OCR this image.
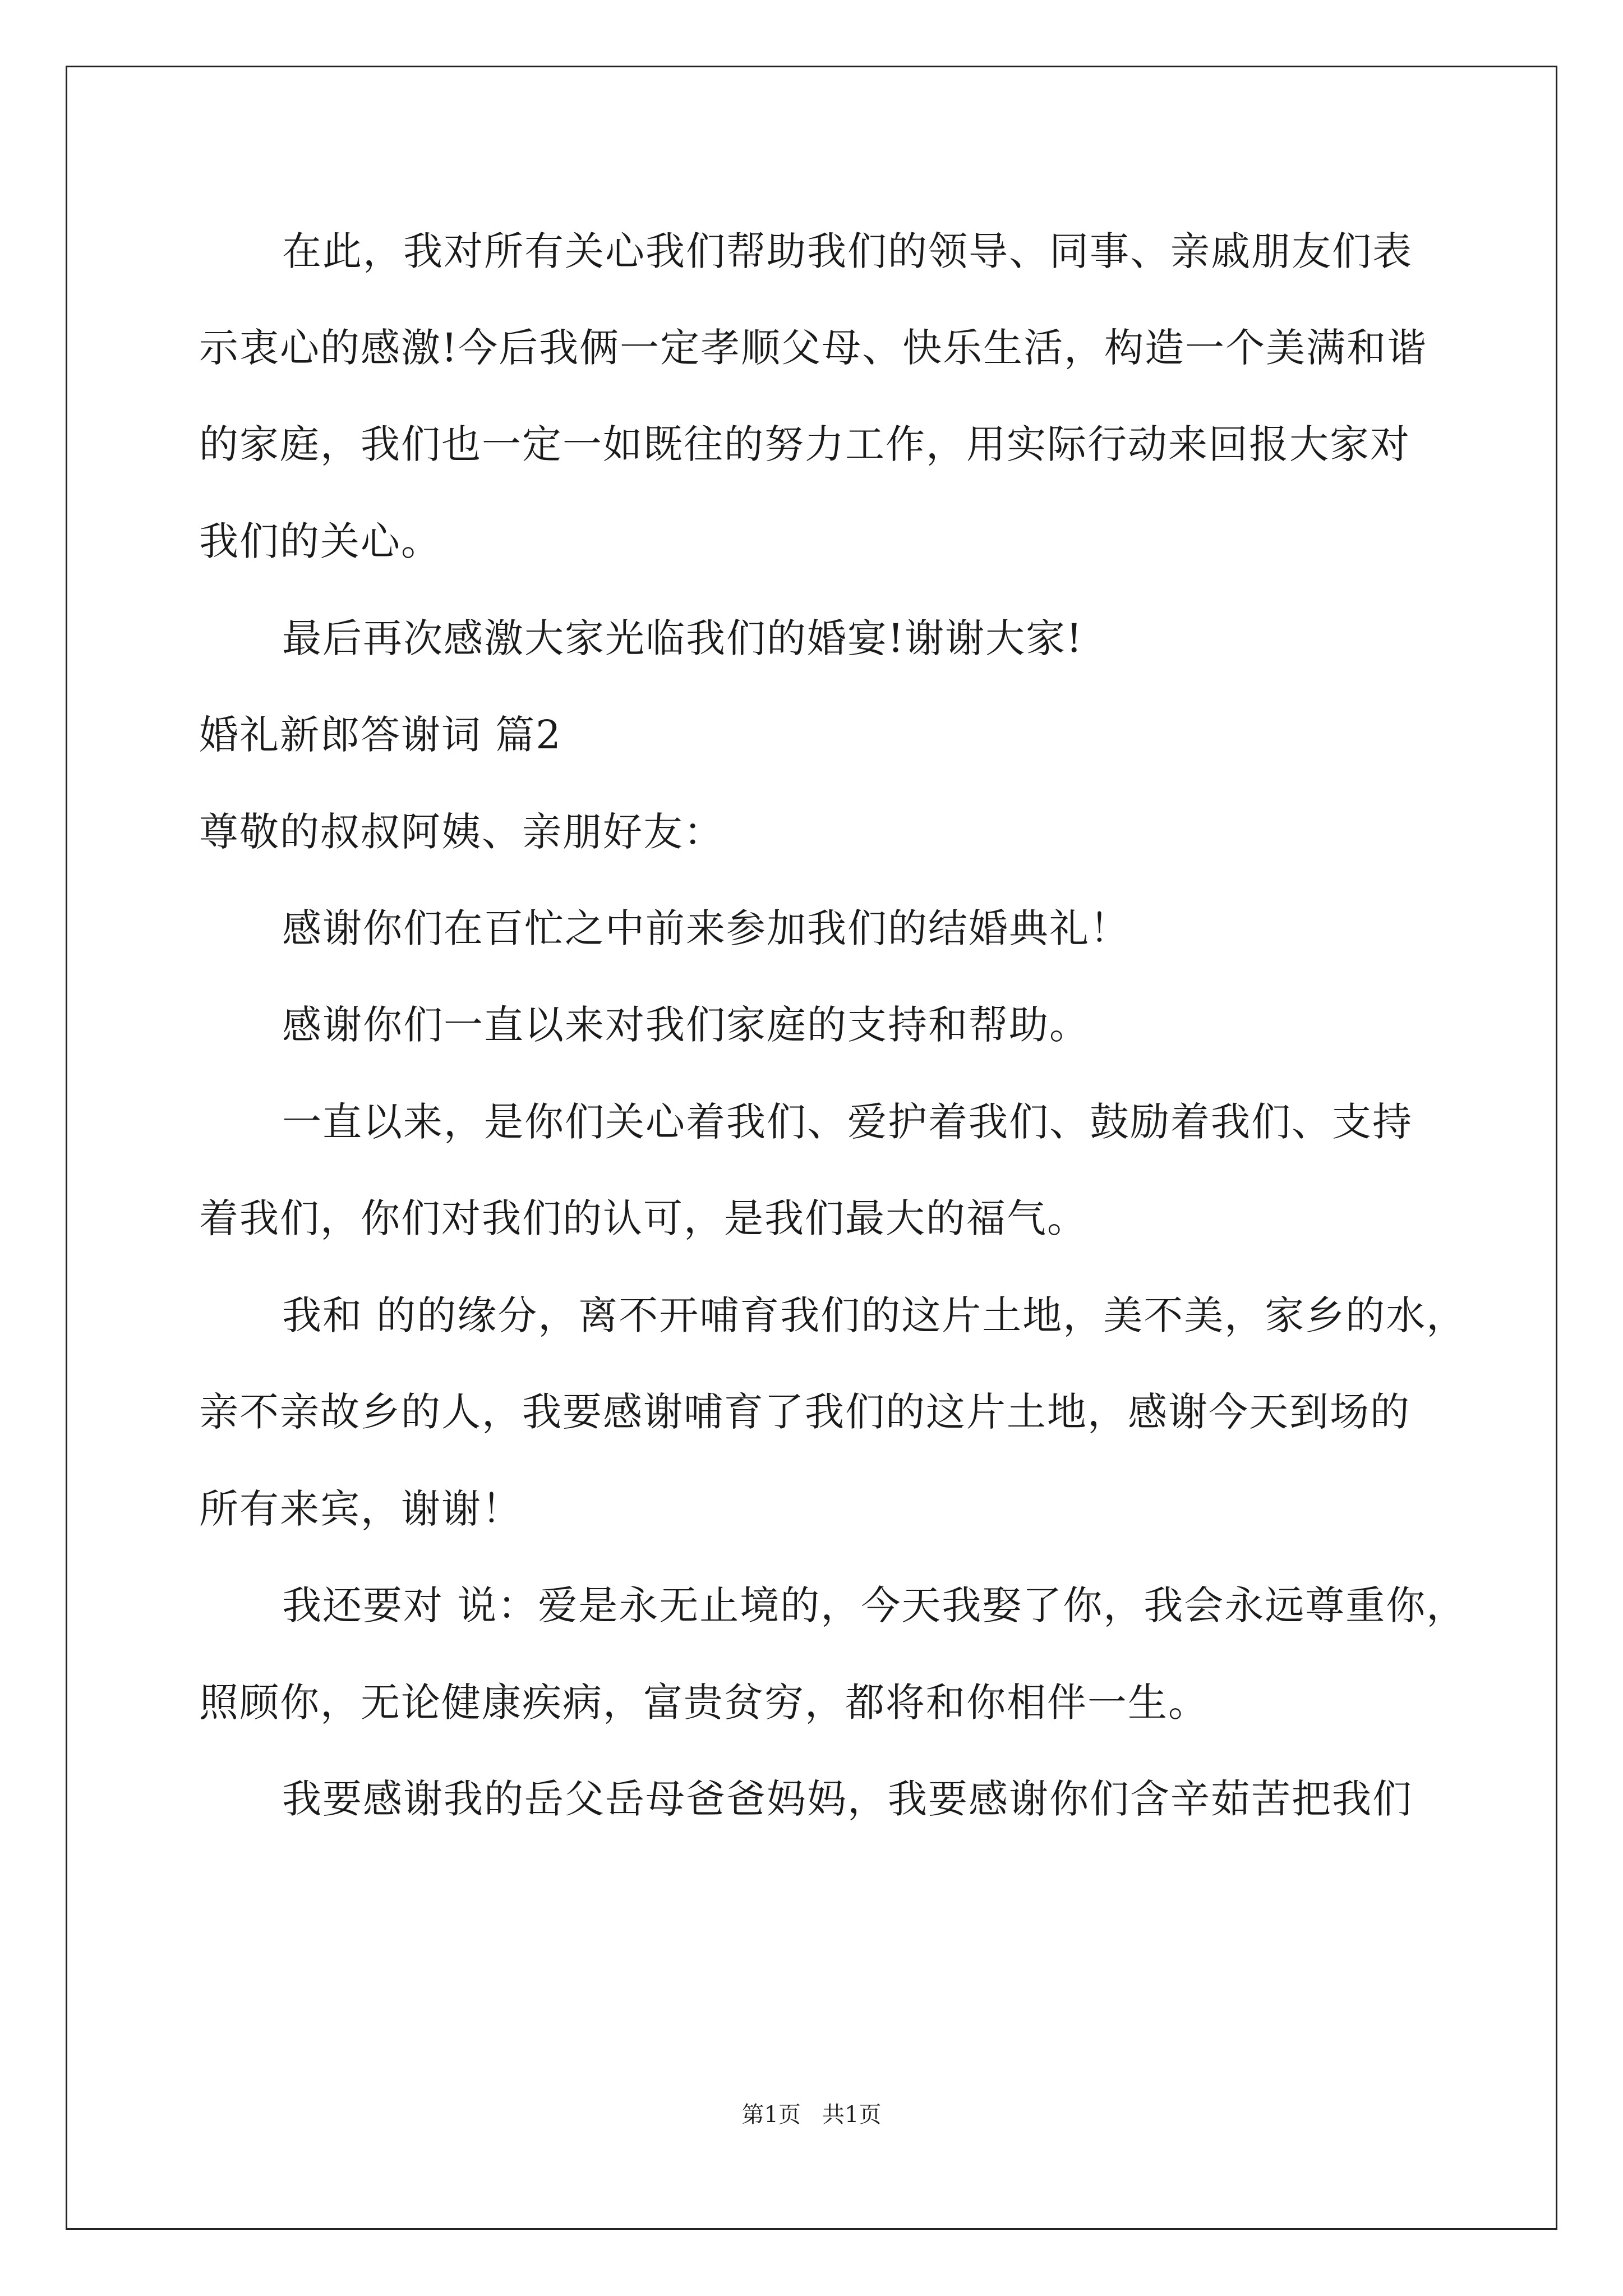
在此，我对所有关心我们帮助我们的领导、同事、亲戚朋友们表
示衷心的感激!今后我俩一定孝顺父母、快乐生活，构造一个美满和谐
的家庭，我们也一定一如既往的努力工作，用实际行动来回报大家对
我们的关心。
最后再次感激大家光临我们的婚宴!谢谢大家!
婚礼新郎答谢词 篇2
尊敬的叔叔阿姨、亲朋好友：
感谢你们在百忙之中前来参加我们的结婚典礼！
感谢你们一直以来对我们家庭的支持和帮助。
一直以来，是你们关心着我们、爱护着我们、鼓励着我们、支持
着我们，你们对我们的认可，是我们最大的福气。
我和 的的缘分，离不开哺育我们的这片土地，美不美，家乡的水，
亲不亲故乡的人，我要感谢哺育了我们的这片土地，感谢今天到场的
所有来宾，谢谢！
我还要对 说：爱是永无止境的，今天我娶了你，我会永远尊重你，
照顾你，无论健康疾病，富贵贫穷，都将和你相伴一生。
我要感谢我的岳父岳母爸爸妈妈，我要感谢你们含辛茹苦把我们
第1页   共1页
